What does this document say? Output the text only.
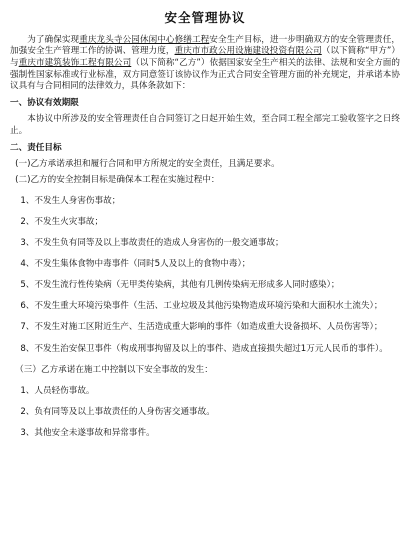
安全管理协议

为了确保实现重庆龙头寺公园休闲中心修缮工程安全生产目标，进一步明确双方的安全管理责任，加强安全生产管理工作的协调、管理力度，重庆市市政公用设施建设投资有限公司（以下简称“甲方”）与重庆市建筑装饰工程有限公司（以下简称“乙方”）依据国家安全生产相关的法律、法规和安全方面的强制性国家标准或行业标准，双方同意签订该协议作为正式合同安全管理方面的补充规定，并承诺本协议具有与合同相同的法律效力，具体条款如下：

一、协议有效期限

本协议中所涉及的安全管理责任自合同签订之日起开始生效，至合同工程全部完工验收签字之日终止。

二、责任目标

(一)乙方承诺承担和履行合同和甲方所规定的安全责任，且满足要求。

(二)乙方的安全控制目标是确保本工程在实施过程中：

1、不发生人身害伤事故；

2、不发生火灾事故；

3、不发生负有同等及以上事故责任的造成人身害伤的一般交通事故；

4、不发生集体食物中毒事件（同时5人及以上的食物中毒）；

5、不发生流行性传染病（无甲类传染病，其他有几例传染病无形成多人同时感染）；

6、不发生重大环境污染事件（生活、工业垃圾及其他污染物造成环境污染和大面积水土流失）；

7、不发生对施工区附近生产、生活造成重大影响的事件（如造成重大设备损坏、人员伤害等）；

8、不发生治安保卫事件（构成刑事拘留及以上的事件、造成直接损失超过1万元人民币的事件）。

（三）乙方承诺在施工中控制以下安全事故的发生：

1、人员轻伤事故。

2、负有同等及以上事故责任的人身伤害交通事故。

3、其他安全未遂事故和异常事件。
